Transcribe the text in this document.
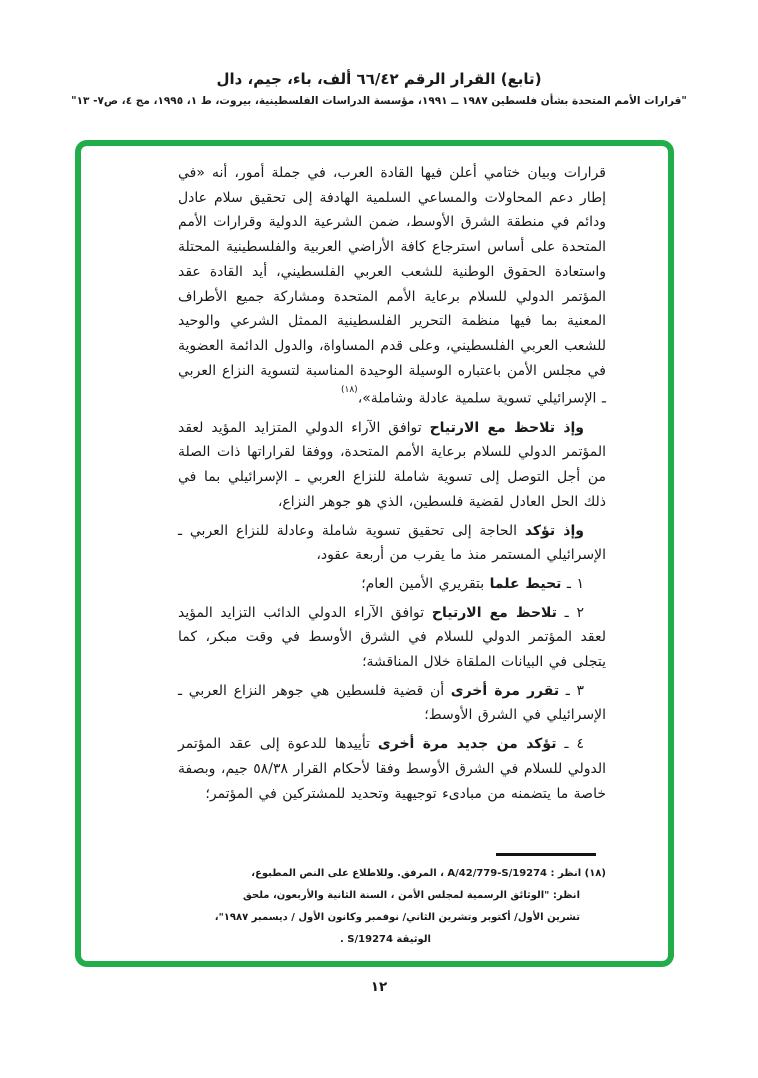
(تابع) القرار الرقم ٦٦/٤٢ ألف، باء، جيم، دال
"قرارات الأمم المتحدة بشأن فلسطين ١٩٨٧ ــ ١٩٩١، مؤسسة الدراسات الفلسطينية، بيروت، ط ١، ١٩٩٥، مج ٤، ص٧- ١٣"

قرارات وبيان ختامي أعلن فيها القادة العرب، في جملة أمور، أنه «في إطار دعم المحاولات والمساعي السلمية الهادفة إلى تحقيق سلام عادل ودائم في منطقة الشرق الأوسط، ضمن الشرعية الدولية وقرارات الأمم المتحدة على أساس استرجاع كافة الأراضي العربية والفلسطينية المحتلة واستعادة الحقوق الوطنية للشعب العربي الفلسطيني، أيد القادة عقد المؤتمر الدولي للسلام برعاية الأمم المتحدة ومشاركة جميع الأطراف المعنية بما فيها منظمة التحرير الفلسطينية الممثل الشرعي والوحيد للشعب العربي الفلسطيني، وعلى قدم المساواة، والدول الدائمة العضوية في مجلس الأمن باعتباره الوسيلة الوحيدة المناسبة لتسوية النزاع العربي ـ الإسرائيلي تسوية سلمية عادلة وشاملة»،$^{(١٨)}$

وإذ تلاحظ مع الارتياح توافق الآراء الدولي المتزايد المؤيد لعقد المؤتمر الدولي للسلام برعاية الأمم المتحدة، ووفقا لقراراتها ذات الصلة من أجل التوصل إلى تسوية شاملة للنزاع العربي ـ الإسرائيلي بما في ذلك الحل العادل لقضية فلسطين، الذي هو جوهر النزاع،

وإذ تؤكد الحاجة إلى تحقيق تسوية شاملة وعادلة للنزاع العربي ـ الإسرائيلي المستمر منذ ما يقرب من أربعة عقود،

١ ـ تحيط علما بتقريري الأمين العام؛

٢ ـ تلاحظ مع الارتياح توافق الآراء الدولي الدائب التزايد المؤيد لعقد المؤتمر الدولي للسلام في الشرق الأوسط في وقت مبكر، كما يتجلى في البيانات الملقاة خلال المناقشة؛

٣ ـ تقرر مرة أخرى أن قضية فلسطين هي جوهر النزاع العربي ـ الإسرائيلي في الشرق الأوسط؛

٤ ـ تؤكد من جديد مرة أخرى تأييدها للدعوة إلى عقد المؤتمر الدولي للسلام في الشرق الأوسط وفقا لأحكام القرار ٥٨/٣٨ جيم، وبصفة خاصة ما يتضمنه من مبادىء توجيهية وتحديد للمشتركين في المؤتمر؛

(١٨) انظر : A/42/779-S/19274 ، المرفق. وللاطلاع على النص المطبوع،
انظر: "الوثائق الرسمية لمجلس الأمن ، السنة الثانية والأربعون، ملحق
تشرين الأول/ أكتوبر وتشرين الثاني/ نوفمبر وكانون الأول / ديسمبر ١٩٨٧"،
الوثيقة S/19274 .
١٢
